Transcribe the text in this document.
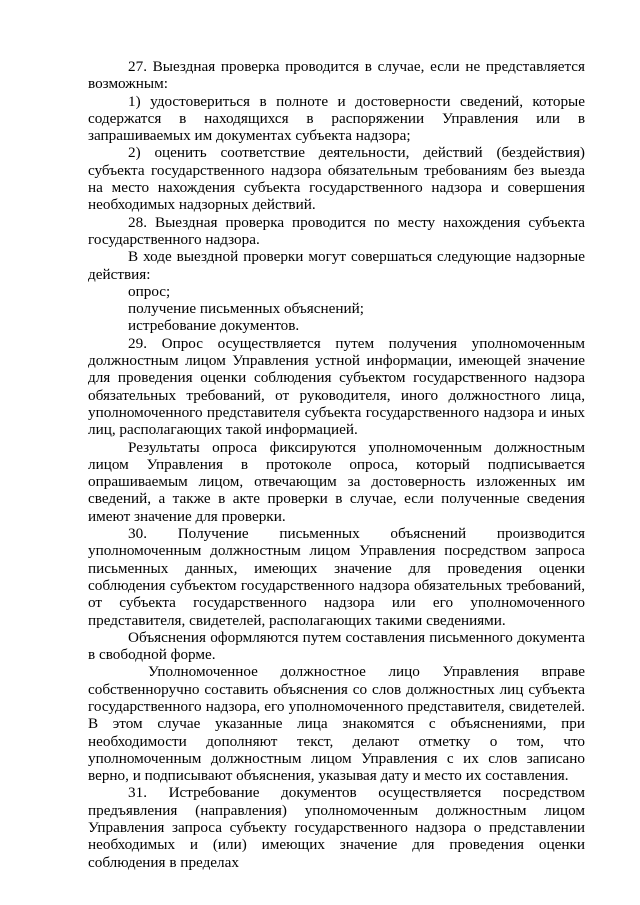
27. Выездная проверка проводится в случае, если не представляется возможным:

1) удостовериться в полноте и достоверности сведений, которые содержатся в находящихся в распоряжении Управления или в запрашиваемых им документах субъекта надзора;

2) оценить соответствие деятельности, действий (бездействия) субъекта государственного надзора обязательным требованиям без выезда на место нахождения субъекта государственного надзора и совершения необходимых надзорных действий.

28. Выездная проверка проводится по месту нахождения субъекта государственного надзора.

В ходе выездной проверки могут совершаться следующие надзорные действия:

опрос;

получение письменных объяснений;

истребование документов.

29. Опрос осуществляется путем получения уполномоченным должностным лицом Управления устной информации, имеющей значение для проведения оценки соблюдения субъектом государственного надзора обязательных требований, от руководителя, иного должностного лица, уполномоченного представителя субъекта государственного надзора и иных лиц, располагающих такой информацией.

Результаты опроса фиксируются уполномоченным должностным лицом Управления в протоколе опроса, который подписывается опрашиваемым лицом, отвечающим за достоверность изложенных им сведений, а также в акте проверки в случае, если полученные сведения имеют значение для проверки.

30. Получение письменных объяснений производится уполномоченным должностным лицом Управления посредством запроса письменных данных, имеющих значение для проведения оценки соблюдения субъектом государственного надзора обязательных требований, от субъекта государственного надзора или его уполномоченного представителя, свидетелей, располагающих такими сведениями.

Объяснения оформляются путем составления письменного документа в свободной форме.

Уполномоченное должностное лицо Управления вправе собственноручно составить объяснения со слов должностных лиц субъекта государственного надзора, его уполномоченного представителя, свидетелей. В этом случае указанные лица знакомятся с объяснениями, при необходимости дополняют текст, делают отметку о том, что уполномоченным должностным лицом Управления с их слов записано верно, и подписывают объяснения, указывая дату и место их составления.

31. Истребование документов осуществляется посредством предъявления (направления) уполномоченным должностным лицом Управления запроса субъекту государственного надзора о представлении необходимых и (или) имеющих значение для проведения оценки соблюдения в пределах
